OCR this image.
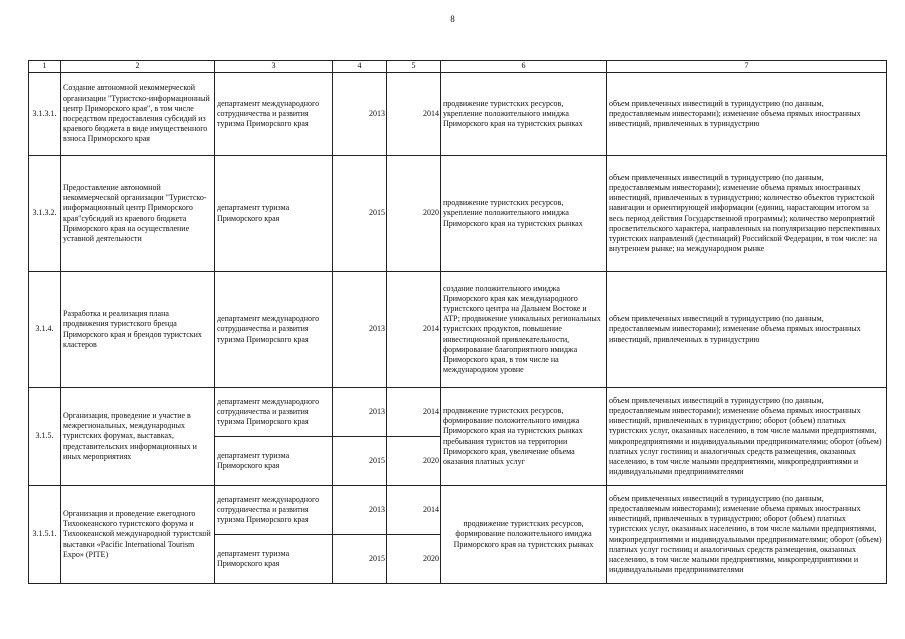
8
1	2	3	4	5	6	7
3.1.3.1.	Создание автономной некоммерческой организации "Туристско-информационный центр Приморского края", в том числе посредством предоставления субсидий из краевого бюджета в виде имущественного взноса Приморского края	департамент международного сотрудничества и развития туризма Приморского края	2013	2014	продвижение туристских ресурсов, укрепление положительного имиджа Приморского края на туристских рынках	объем привлеченных инвестиций в туриндустрию (по данным, предоставляемым инвесторами); изменение объема прямых иностранных инвестиций, привлеченных в туриндустрию
3.1.3.2.	Предоставление автономной некоммерческой организации "Туристско-информационный центр Приморского края"субсидий из краевого бюджета Приморского края на осуществление уставной деятельности	департамент туризма Приморского края	2015	2020	продвижение туристских ресурсов, укрепление положительного имиджа Приморского края на туристских рынках	объем привлеченных инвестиций в туриндустрию (по данным, предоставляемым инвесторами); изменение объема прямых иностранных инвестиций, привлеченных в туриндустрию; количество объектов туристской навигации и ориентирующей информации (единиц, нарастающим итогом за весь период действия Государственной программы); количество мероприятий просветительского характера, направленных на популяризацию перспективных туристских направлений (дестинаций) Российской Федерации, в том числе: на внутреннем рынке; на международном рынке
3.1.4.	Разработка и реализация плана продвижения туристского бренда Приморского края и брендов туристских кластеров	департамент международного сотрудничества и развития туризма Приморского края	2013	2014	создание положительного имиджа Приморского края как международного туристского центра на Дальнем Востоке и АТР; продвижение уникальных региональных туристских продуктов, повышение инвестиционной привлекательности, формирование благоприятного имиджа Приморского края, в том числе на международном уровне	объем привлеченных инвестиций в туриндустрию (по данным, предоставляемым инвесторами); изменение объема прямых иностранных инвестиций, привлеченных в туриндустрию
3.1.5.	Организация, проведение и участие в межрегиональных, международных туристских форумах, выставках, представительских информационных и иных мероприятиях	департамент международного сотрудничества и развития туризма Приморского края	2013	2014	продвижение туристских ресурсов, формирование положительного имиджа Приморского края на туристских рынках пребывания туристов на территории Приморского края, увеличение объема оказания платных услуг	объем привлеченных инвестиций в туриндустрию (по данным, предоставляемым инвесторами); изменение объема прямых иностранных инвестиций, привлеченных в туриндустрию; оборот (объем) платных туристских услуг, оказанных населению, в том числе малыми предприятиями, микропредприятиями и индивидуальными предпринимателями; оборот (объем) платных услуг гостиниц и аналогичных средств размещения, оказанных населению, в том числе малыми предприятиями, микропредприятиями и индивидуальными предпринимателями
		департамент туризма Приморского края	2015	2020		
3.1.5.1.	Организация и проведение ежегодного Тихоокеанского туристского форума и Тихоокеанской международной туристской выставки «Pacific International Tourism Expo» (PITE)	департамент международного сотрудничества и развития туризма Приморского края	2013	2014	продвижение туристских ресурсов, формирование положительного имиджа Приморского края на туристских рынках	объем привлеченных инвестиций в туриндустрию (по данным, предоставляемым инвесторами); изменение объема прямых иностранных инвестиций, привлеченных в туриндустрию; оборот (объем) платных туристских услуг, оказанных населению, в том числе малыми предприятиями, микропредприятиями и индивидуальными предпринимателями; оборот (объем) платных услуг гостиниц и аналогичных средств размещения, оказанных населению, в том числе малыми предприятиями, микропредприятиями и индивидуальными предпринимателями
		департамент туризма Приморского края	2015	2020		
